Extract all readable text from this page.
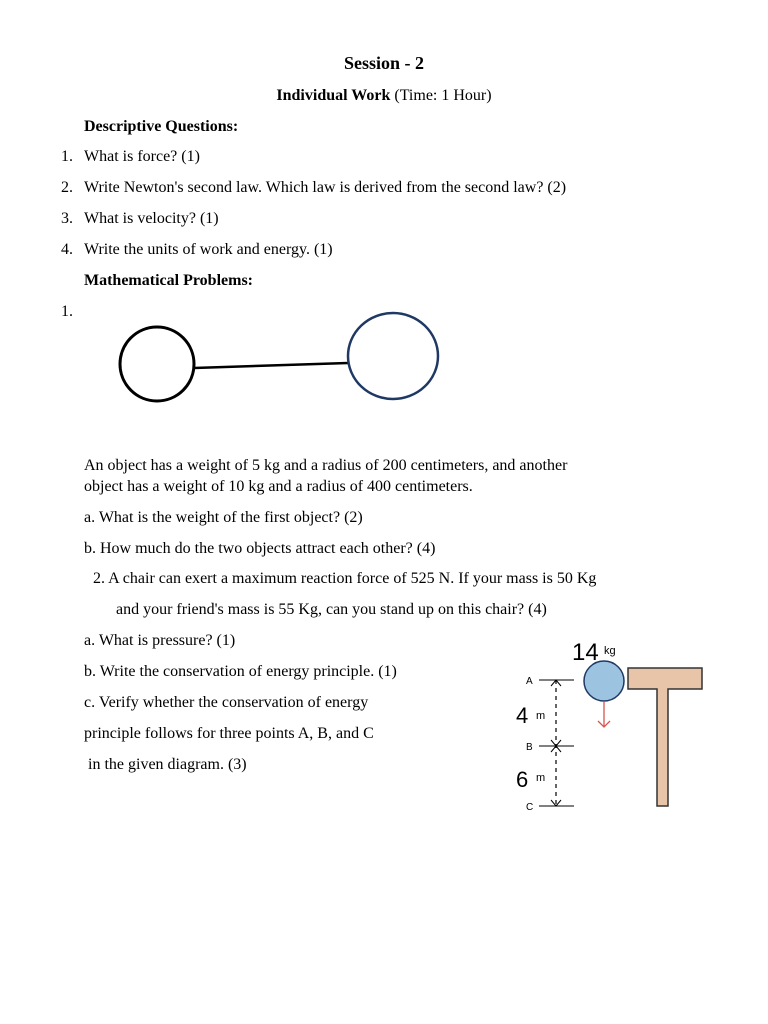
Session - 2
Individual Work (Time: 1 Hour)
Descriptive Questions:
1. What is force? (1)
2. Write Newton's second law. Which law is derived from the second law? (2)
3. What is velocity? (1)
4. Write the units of work and energy. (1)
Mathematical Problems:
1.
An object has a weight of 5 kg and a radius of 200 centimeters, and another
object has a weight of 10 kg and a radius of 400 centimeters.
a. What is the weight of the first object? (2)
b. How much do the two objects attract each other? (4)
2. A chair can exert a maximum reaction force of 525 N. If your mass is 50 Kg
and your friend's mass is 55 Kg, can you stand up on this chair? (4)
a. What is pressure? (1)
b. Write the conservation of energy principle. (1)
c. Verify whether the conservation of energy
principle follows for three points A, B, and C
in the given diagram. (3)
14 kg
A
4 m
B
6 m
C
